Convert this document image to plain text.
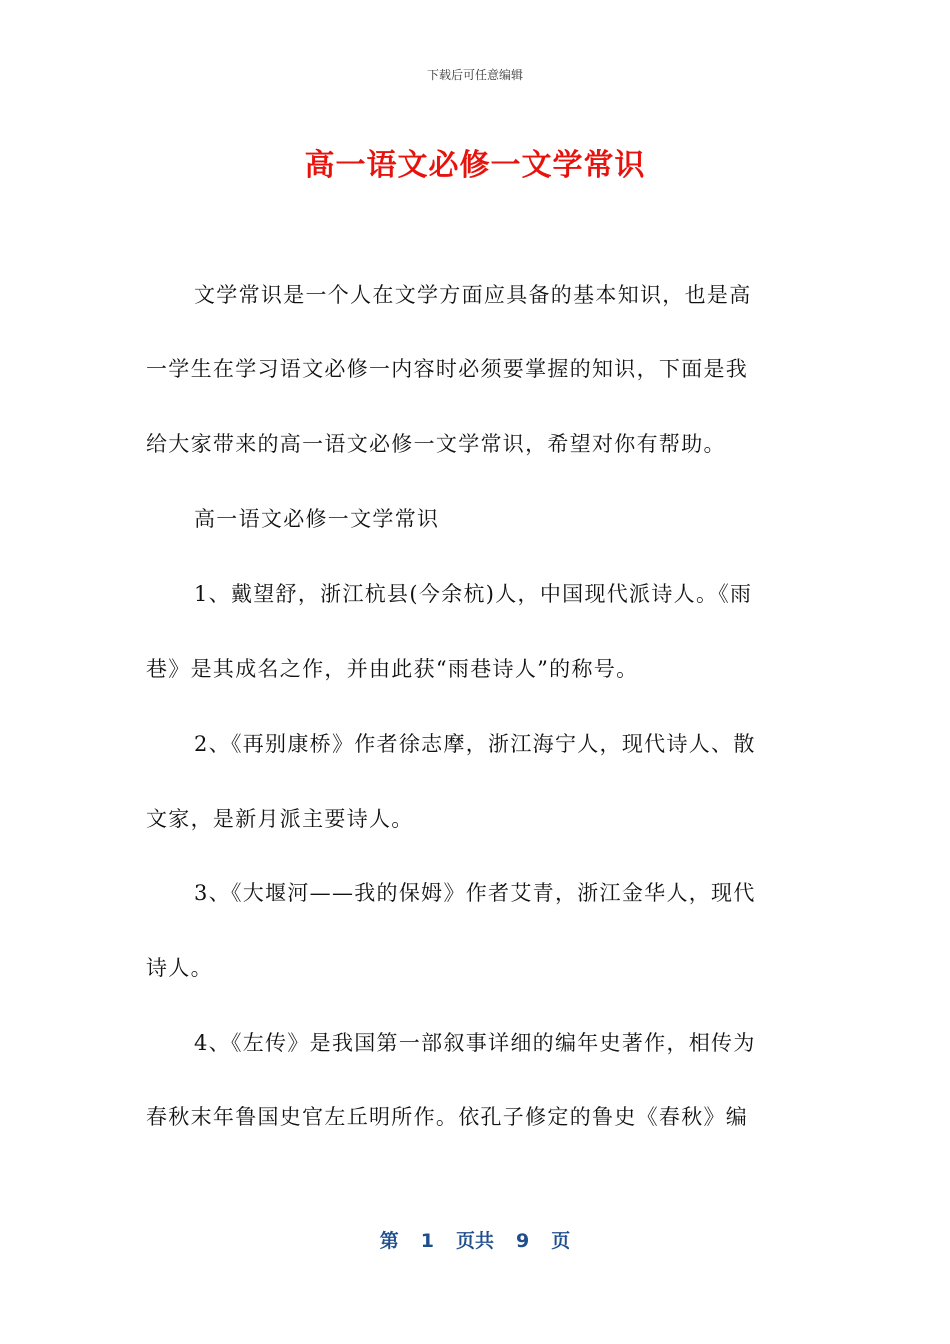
下载后可任意编辑
高一语文必修一文学常识
文学常识是一个人在文学方面应具备的基本知识，也是高
一学生在学习语文必修一内容时必须要掌握的知识，下面是我
给大家带来的高一语文必修一文学常识，希望对你有帮助。
高一语文必修一文学常识
1、戴望舒，浙江杭县(今余杭)人，中国现代派诗人。《雨
巷》是其成名之作，并由此获“雨巷诗人”的称号。
2、《再别康桥》作者徐志摩，浙江海宁人，现代诗人、散
文家，是新月派主要诗人。
3、《大堰河——我的保姆》作者艾青，浙江金华人，现代
诗人。
4、《左传》是我国第一部叙事详细的编年史著作，相传为
春秋末年鲁国史官左丘明所作。依孔子修定的鲁史《春秋》编
第 1 页共 9 页
